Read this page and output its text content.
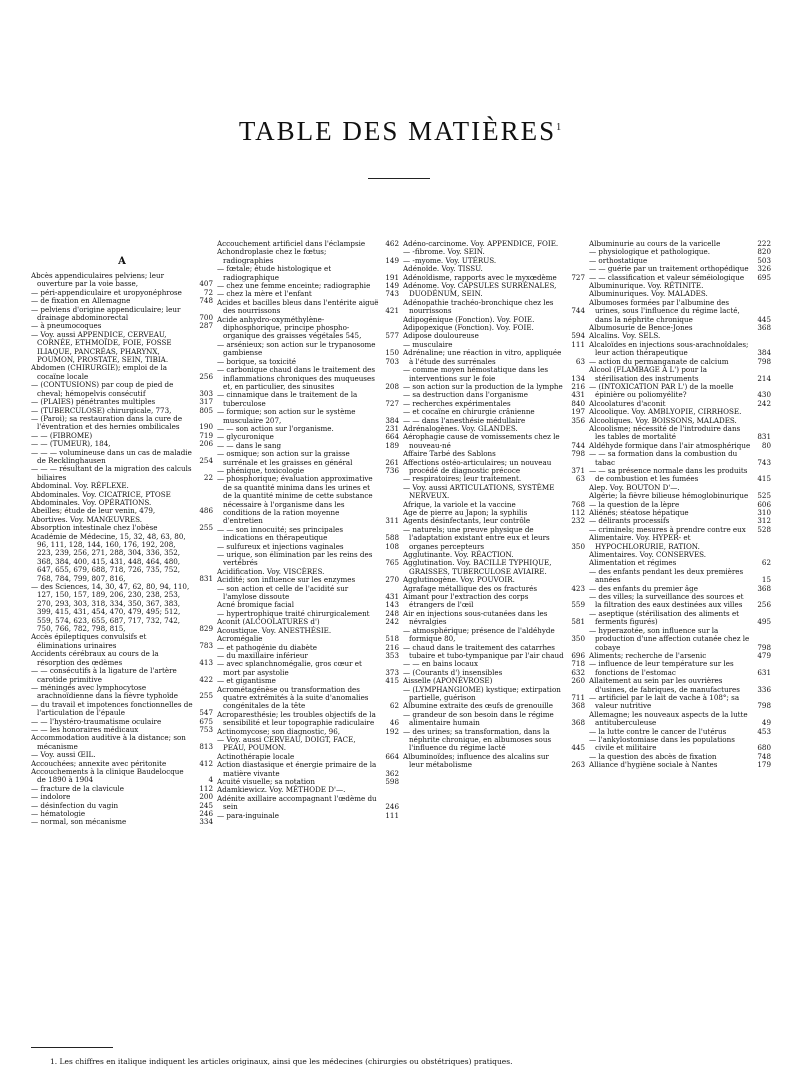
TABLE DES MATIÈRES$^1$
A
Abcès appendiculaires pelviens; leur ouverture par la voie basse,	407
— péri-appendiculaire et uropyonéphrose	72
— de fixation en Allemagne	748
— pelviens d'origine appendiculaire; leur drainage abdominorectal	700
— à pneumocoques	287
— Voy. aussi APPENDICE, CERVEAU, CORNÉE, ETHMOÏDE, FOIE, FOSSE ILIAQUE, PANCRÉAS, PHARYNX, POUMON, PROSTATE, SEIN, TIBIA.
Abdomen (CHIRURGIE); emploi de la cocaïne locale	256
— (CONTUSIONS) par coup de pied de cheval; hémopelvis consécutif	303
— (PLAIES) pénétrantes multiples	317
— (TUBERCULOSE) chirurgicale, 773,	805
— (Paroi); sa restauration dans la cure de l'éventration et des hernies ombilicales	190
— — (FIBROME)	719
— — (TUMEUR), 184,	206
— — — volumineuse dans un cas de maladie de Recklinghausen	254
— — — résultant de la migration des calculs biliaires	22
Abdominal. Voy. RÉFLEXE.
Abdominales. Voy. CICATRICE, PTOSE
Abdominales. Voy. OPÉRATIONS.
Abeilles; étude de leur venin, 479,	486
Abortives. Voy. MANŒUVRES.
Absorption intestinale chez l'obèse	255
Académie de Médecine, 15, 32, 48, 63, 80, 96, 111, 128, 144, 160, 176, 192, 208, 223, 239, 256, 271, 288, 304, 336, 352, 368, 384, 400, 415, 431, 448, 464, 480, 647, 655, 679, 688, 718, 726, 735, 752, 768, 784, 799, 807, 816,	831
— des Sciences, 14, 30, 47, 62, 80, 94, 110, 127, 150, 157, 189, 206, 230, 238, 253, 270, 293, 303, 318, 334, 350, 367, 383, 399, 415, 431, 454, 470, 479, 495; 512, 559, 574, 623, 655, 687, 717, 732, 742, 750, 766, 782, 798, 815,	829
Accès épileptiques convulsifs et éliminations urinaires	783
Accidents cérébraux au cours de la résorption des œdèmes	413
— — consécutifs à la ligature de l'artère carotide primitive	422
— méningés avec lymphocytose arachnoïdienne dans la fièvre typhoïde	255
— du travail et impotences fonctionnelles de l'articulation de l'épaule	547
— — l'hystéro-traumatisme oculaire	675
— — les honoraires médicaux	753
Accommodation auditive à la distance; son mécanisme	813
— Voy. aussi ŒIL.
Accouchées; annexite avec péritonite	412
Accouchements à la clinique Baudelocque de 1890 à 1904	4
— fracture de la clavicule	112
— indolore	200
— désinfection du vagin	245
— hématologie	246
— normal, son mécanisme	334
Accouchement artificiel dans l'éclampsie	462
Achondroplasie chez le fœtus; radiographies	149
— fœtale; étude histologique et radiographique	191
— chez une femme enceinte; radiographie	149
— chez la mère et l'enfant	743
Acides et bacilles bleus dans l'entérite aiguë des nourrissons	421
Acide anhydro-oxyméthylène-diphosphorique, principe phospho-organique des graisses végétales 545,	577
— arsénieux; son action sur le trypanosome gambiense	150
— borique, sa toxicité	703
— carbonique chaud dans le traitement des inflammations chroniques des muqueuses et, en particulier, des sinusites	208
— cinnamique dans le traitement de la tuberculose	727
— formique; son action sur le système musculaire 207,	384
— — son action sur l'organisme.	231
— glycuronique	664
— — dans le sang	189
— osmique; son action sur la graisse surrénale et les graisses en général	261
— phénique, toxicologie	736
— phosphorique; évaluation approximative de sa quantité minima dans les urines et de la quantité minime de cette substance nécessaire à l'organisme dans les conditions de la ration moyenne d'entretien	311
— — son innocuité; ses principales indications en thérapeutique	588
— sulfureux et injections vaginales	108
— urique, son élimination par les reins des vertébrés	765
Acidification. Voy. VISCÈRES.
Acidité; son influence sur les enzymes	270
— son action et celle de l'acidité sur l'amylose dissoute	431
Acné bromique facial	143
— hypertrophique traité chirurgicalement	248
Aconit (ALCOOLATURES d')	242
Acoustique. Voy. ANESTHÉSIE.
Acromégalie	518
— et pathogénie du diabète	216
— du maxillaire inférieur	353
— avec splanchnomégalie, gros cœur et mort par asystolie	373
— et gigantisme	415
Acrométagénèse ou transformation des quatre extrémités à la suite d'anomalies congénitales de la tête	62
Acroparesthésie; les troubles objectifs de la sensibilité et leur topographie radiculaire	46
Actinomycose; son diagnostic, 96,	192
— Voy. aussi CERVEAU, DOIGT, FACE, PEAU, POUMON.
Actinothérapie locale	664
Action diastasique et énergie primaire de la matière vivante	362
Acuité visuelle; sa notation	598
Adamkiewicz. Voy. MÉTHODE D'—.
Adénite axillaire accompagnant l'œdème du sein	246
— para-inguinale	111
Adéno-carcinome. Voy. APPENDICE, FOIE.
— -fibrome. Voy. SEIN.
— -myome. Voy. UTÉRUS.
Adénoïde. Voy. TISSU.
Adénoïdisme, rapports avec le myxœdème	727
Adénome. Voy. CAPSULES SURRÉNALES, DUODÉNUM, SEIN.
Adénopathie trachéo-bronchique chez les nourrissons	744
Adipogénique (Fonction). Voy. FOIE.
Adipopexique (Fonction). Voy. FOIE.
Adipose douloureuse	594
— musculaire	111
Adrénaline; une réaction in vitro, appliquée à l'étude des surrénales	63
— comme moyen hémostatique dans les interventions sur le foie	134
— son action sur la production de la lymphe	216
— sa destruction dans l'organisme	431
— recherches expérimentales	840
— et cocaïne en chirurgie crânienne	197
— — dans l'anesthésie médullaire	356
Adrénalogènes. Voy. GLANDES.
Aérophagie cause de vomissements chez le nouveau-né	744
Affaire Tarbé des Sablons	798
Affections ostéo-articulaires; un nouveau procédé de diagnostic précoce	371
— respiratoires; leur traitement.	63
— Voy. aussi ARTICULATIONS, SYSTÈME NERVEUX.
Afrique, la variole et la vaccine	768
Age de pierre au Japon; la syphilis	112
Agents désinfectants, leur contrôle	232
— naturels; une preuve physique de l'adaptation existant entre eux et leurs organes percepteurs	350
Agglutinante. Voy. RÉACTION.
Agglutination. Voy. BACILLE TYPHIQUE, GRAISSES, TUBERCULOSE AVIAIRE.
Agglutinogène. Voy. POUVOIR.
Agrafage métallique des os fracturés	423
Aimant pour l'extraction des corps étrangers de l'œil	559
Air en injections sous-cutanées dans les névralgies	581
— atmosphérique; présence de l'aldéhyde formique 80,	350
— chaud dans le traitement des catarrhes tubaire et tubo-tympanique par l'air chaud	696
— — en bains locaux	718
— (Courants d') insensibles	632
Aisselle (APONÉVROSE)	260
— (LYMPHANGIOME) kystique; extirpation partielle, guérison	711
Albumine extraite des œufs de grenouille	368
— grandeur de son besoin dans le régime alimentaire humain	368
— des urines; sa transformation, dans la néphrite chronique, en albumoses sous l'influence du régime lacté	445
Albuminoïdes; influence des alcalins sur leur métabolisme	263
Albuminurie au cours de la varicelle	222
— physiologique et pathologique.	820
— orthostatique	503
— — guérie par un traitement orthopédique	326
— — classification et valeur séméiologique	695
Albuminurique. Voy. RÉTINITE.
Albuminuriques. Voy. MALADES.
Albumoses formées par l'albumine des urines, sous l'influence du régime lacté, dans la néphrite chronique	445
Albumosurie de Bence-Jones	368
Alcalins. Voy. SELS.
Alcaloïdes en injections sous-arachnoïdales; leur action thérapeutique	384
— action du permanganate de calcium	798
Alcool (FLAMBAGE À L') pour la stérilisation des instruments	214
— (INTOXICATION PAR L') de la moelle épinière ou poliomyélite?	430
Alcoolatures d'aconit	242
Alcoolique. Voy. AMBLYOPIE, CIRRHOSE.
Alcooliques. Voy. BOISSONS, MALADES.
Alcoolisme; nécessité de l'introduire dans les tables de mortalité	831
Aldéhyde formique dans l'air atmosphérique	80
— — sa formation dans la combustion du tabac	743
— — sa présence normale dans les produits de combustion et les fumées	415
Alep. Voy. BOUTON D'—.
Algérie; la fièvre bilieuse hémoglobinurique	525
— la question de la lèpre	606
Aliénés; stéatose hépatique	310
— délirants processifs	312
— criminels; mesures à prendre contre eux	528
Alimentaire. Voy. HYPER- et HYPOCHLORURIE, RATION.
Alimentaires. Voy. CONSERVES.
Alimentation et régimes	62
— des enfants pendant les deux premières années	15
— des enfants du premier âge	368
— des villes; la surveillance des sources et la filtration des eaux destinées aux villes	256
— aseptique (stérilisation des aliments et ferments figurés)	495
— hyperazotée, son influence sur la production d'une affection cutanée chez le cobaye	798
Aliments; recherche de l'arsenic	479
— influence de leur température sur les fonctions de l'estomac	631
Allaitement au sein par les ouvrières d'usines, de fabriques, de manufactures	336
— artificiel par le lait de vache à 108°; sa valeur nutritive	798
Allemagne; les nouveaux aspects de la lutte antituberculeuse	49
— la lutte contre le cancer de l'utérus	453
— l'ankylostomiase dans les populations civile et militaire	680
— la question des abcès de fixation	748
Alliance d'hygiène sociale à Nantes	179
1. Les chiffres en italique indiquent les articles originaux, ainsi que les médecines (chirurgies ou obstétriques) pratiques.
